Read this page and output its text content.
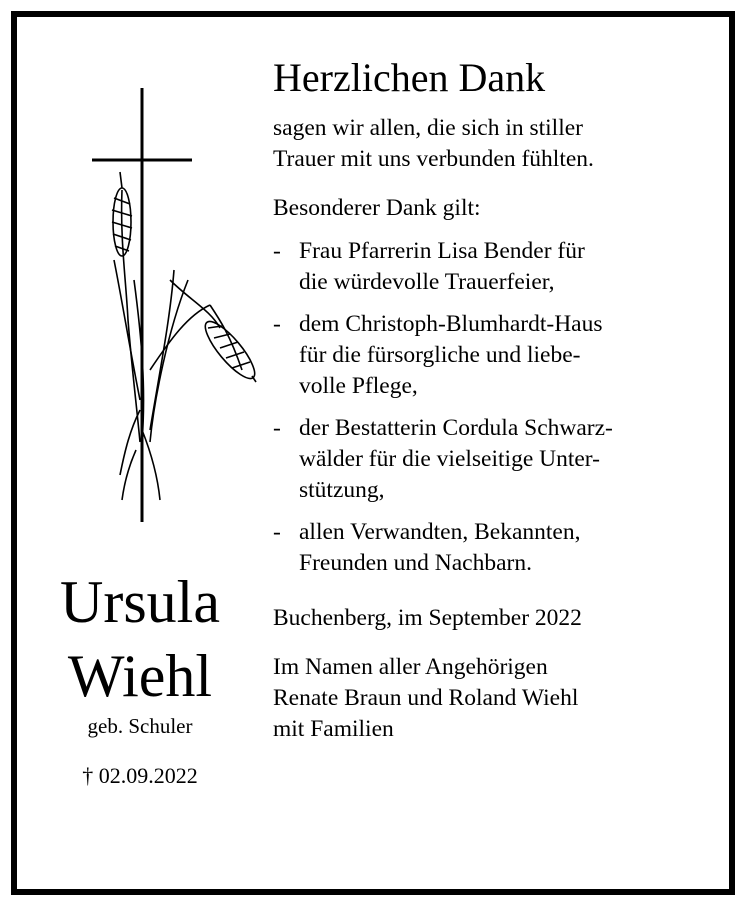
Ursula
Wiehl
geb. Schuler
† 02.09.2022
Herzlichen Dank

sagen wir allen, die sich in stiller
Trauer mit uns verbunden fühlten.

Besonderer Dank gilt:

- Frau Pfarrerin Lisa Bender für
die würdevolle Trauerfeier,
- dem Christoph-Blumhardt-Haus
für die fürsorgliche und liebe-
volle Pflege,
- der Bestatterin Cordula Schwarz-
wälder für die vielseitige Unter-
stützung,
- allen Verwandten, Bekannten,
Freunden und Nachbarn.

Buchenberg, im September 2022

Im Namen aller Angehörigen
Renate Braun und Roland Wiehl
mit Familien
